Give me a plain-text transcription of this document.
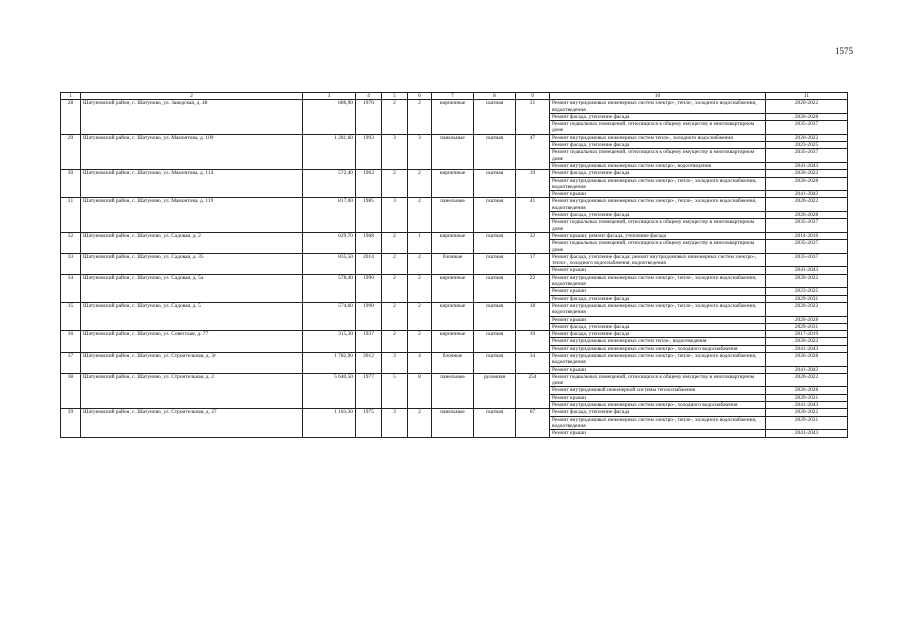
1575
1	2	3	4	5	6	7	8	9	10	11
28	Шатуновский район, с. Шатуново, ул. Заводская, д. 48	686,90	1970	2	2	кирпичные	скатная	31	Ремонт внутридомовых инженерных систем электро-, тепло-, холодного водоснабжения, водоотведения	2020-2022
									Ремонт фасада, утепление фасада	2026-2028
									Ремонт подвальных помещений, относящихся к общему имуществу в многоквартирном доме	2035-2037
29	Шатуновский район, с. Шатуново, ул. Мамонтова, д. 109	1 281,60	1993	3	3	панельные	скатная	47	Ремонт внутридомовых инженерных систем тепло-, холодного водоснабжения	2020-2022
									Ремонт фасада, утепление фасада	2023-2025
									Ремонт подвальных помещений, относящихся к общему имуществу в многоквартирном доме	2035-2037
									Ремонт внутридомовых инженерных систем электро-, водоотведения	2041-2043
30	Шатуновский район, с. Шатуново, ул. Мамонтова, д. 114	572,40	1962	2	2	кирпичные	скатная	19	Ремонт фасада, утепление фасада	2020-2022
									Ремонт внутридомовых инженерных систем электро-, тепло-, холодного водоснабжения, водоотведения	2026-2028
									Ремонт крыши	2041-2043
31	Шатуновский район, с. Шатуново, ул. Мамонтова, д. 119	817,00	1985	3	2	панельные	скатная	41	Ремонт внутридомовых инженерных систем электро-, тепло-, холодного водоснабжения, водоотведения	2020-2022
									Ремонт фасада, утепление фасада	2026-2028
									Ремонт подвальных помещений, относящихся к общему имуществу в многоквартирном доме	2035-2037
32	Шатуновский район, с. Шатуново, ул. Садовая, д. 2	629,70	1968	2	1	кирпичные	скатная	32	Ремонт крыши; ремонт фасада, утепление фасада	2014-2016
									Ремонт подвальных помещений, относящихся к общему имуществу в многоквартирном доме	2035-2037
33	Шатуновский район, с. Шатуново, ул. Садовая, д. 35	835,50	2014	2	2	блочные	скатная	17	Ремонт фасада, утепление фасада; ремонт внутридомовых инженерных систем электро-, тепло-, холодного водоснабжения, водоотведения	2035-2037
									Ремонт крыши	2041-2043
34	Шатуновский район, с. Шатуново, ул. Садовая, д. 5а	578,40	1990	2	2	кирпичные	скатная	22	Ремонт внутридомовых инженерных систем электро-, тепло-, холодного водоснабжения, водоотведения	2020-2022
									Ремонт крыши	2023-2025
									Ремонт фасада, утепление фасада	2029-2031
35	Шатуновский район, с. Шатуново, ул. Садовая, д. 5	574,60	1990	2	2	кирпичные	скатная	18	Ремонт внутридомовых инженерных систем электро-, тепло-, холодного водоснабжения, водоотведения	2020-2022
									Ремонт крыши	2026-2028
									Ремонт фасада, утепление фасада	2029-2031
36	Шатуновский район, с. Шатуново, ул. Советская, д. 77	315,30	1937	2	2	кирпичные	скатная	10	Ремонт фасада, утепление фасада	2017-2019
									Ремонт внутридомовых инженерных систем тепло-, водоотведения	2020-2022
									Ремонт внутридомовых инженерных систем электро-, холодного водоснабжения	2041-2043
37	Шатуновский район, с. Шатуново, ул. Строительная, д. 3г	1 782,90	2012	3	4	блочные	скатная	34	Ремонт внутридомовых инженерных систем электро-, тепло-, холодного водоснабжения, водоотведения	2026-2028
									Ремонт крыши	2041-2043
38	Шатуновский район, с. Шатуново, ул. Строительная, д. 2	5 640,50	1977	5	8	панельные	рулонная	254	Ремонт подвальных помещений, относящихся к общему имуществу в многоквартирном доме	2020-2022
									Ремонт внутридомовой инженерной системы теплоснабжения	2026-2028
									Ремонт крыши	2029-2031
									Ремонт внутридомовых инженерных систем электро-, холодного водоснабжения	2041-2043
39	Шатуновский район, с. Шатуново, ул. Строительная, д. 27	1 103,30	1975	3	2	панельные	скатная	67	Ремонт фасада, утепление фасада	2020-2022
									Ремонт внутридомовых инженерных систем электро-, тепло-, холодного водоснабжения, водоотведения	2029-2031
									Ремонт крыши	2041-2043
